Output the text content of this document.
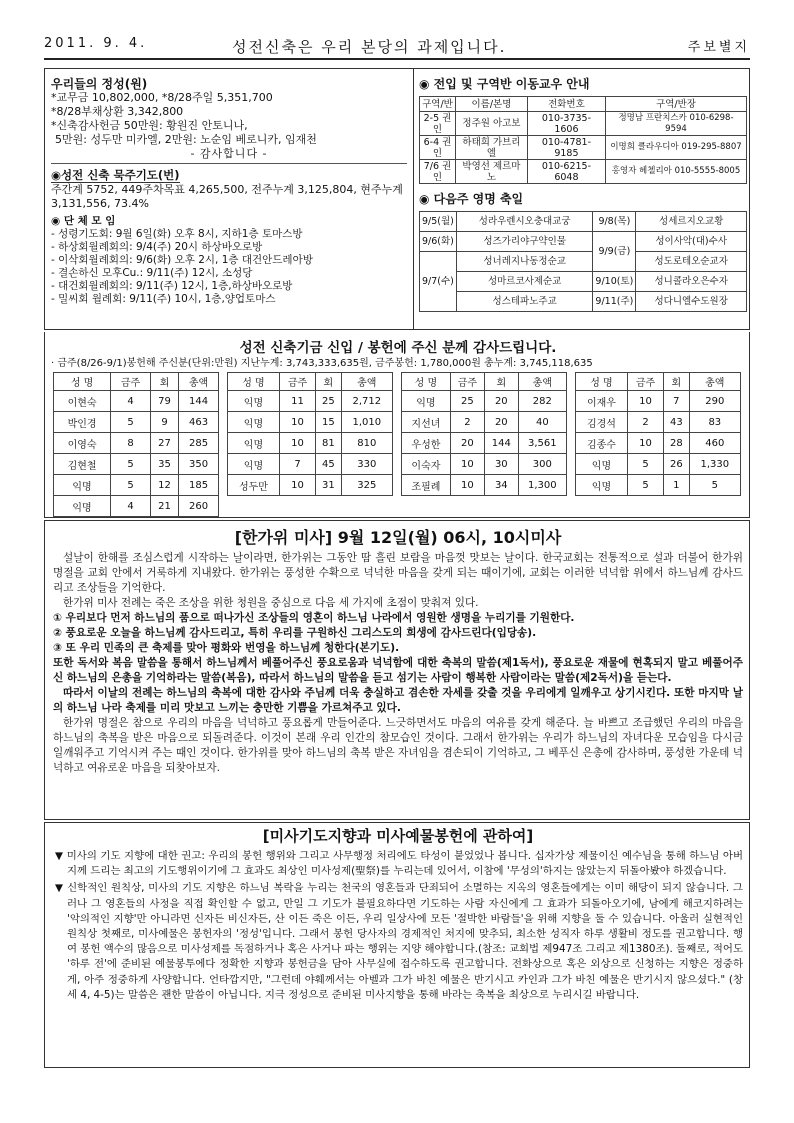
2011. 9. 4.	성전신축은 우리 본당의 과제입니다.	주보별지
우리들의 정성(원)
*교무금 10,802,000, *8/28주일 5,351,700
*8/28부채상환 3,342,800
*신축감사헌금 50만원: 황원진 안토니나,
5만원: 성두만 미카엘, 2만원: 노순임 베로니카, 임재천
- 감사합니다 -
◉성전 신축 묵주기도(번)
주간계 5752, 449주차목표 4,265,500, 전주누계 3,125,804, 현주누계 3,131,556, 73.4%
◉ 단 체 모 임
- 성령기도회: 9월 6일(화) 오후 8시, 지하1층 토마스방
- 하상회월례회의: 9/4(주) 20시 하상바오로방
- 이삭회월례회의: 9/6(화) 오후 2시, 1층 대건안드레아방
- 결손하신 모후Cu.: 9/11(주) 12시, 소성당
- 대건회월례회의: 9/11(주) 12시, 1층,하상바오로방
- 밀씨회 월례회: 9/11(주) 10시, 1층,양업토마스
◉ 전입 및 구역반 이동교우 안내
구역/반	이름/본명	전화번호	구역/반장
2-5 권인	정주원 아고보	010-3735-1606	정명남 프란치스카 010-6298-9594
6-4 권인	하태희 가브리엘	010-4781-9185	이명희 클라우디아 019-295-8807
7/6 권인	박영선 제르마노	010-6215-6048	홍영자 헤첼리아 010-5555-8005
◉ 다음주 영명 축일
9/5(월)	성라우렌시오충대교궁	9/8(목)	성세르지오교황
9/6(화)	성즈가리야구약인물	9/9(금)	성이사악(대)수사
9/7(수)	성너레지나동정순교		성도로테오순교자
	성마르코사제순교	9/10(토)	성니콜라오은수자
	성스테파노주교	9/11(주)	성다니엘수도원장
성전 신축기금 신입 / 봉헌에 주신 분께 감사드립니다.
· 금주(8/26-9/1)봉헌해 주신분(단위:만원) 지난누계: 3,743,333,635원, 금주봉헌: 1,780,000원 총누계: 3,745,118,635
성 명	금주	회	총액
이현숙	4	79	144
박인경	5	9	463
이영숙	8	27	285
김현철	5	35	350
익명	5	12	185
익명	4	21	260
성 명	금주	회	총액
익명	11	25	2,712
익명	10	15	1,010
익명	10	81	810
익명	7	45	330
성두만	10	31	325
성 명	금주	회	총액
익명	25	20	282
지선녀	2	20	40
우성한	20	144	3,561
이숙자	10	30	300
조필례	10	34	1,300
성 명	금주	회	총액
이재우	10	7	290
김경석	2	43	83
김종수	10	28	460
익명	5	26	1,330
익명	5	1	5
[한가위 미사] 9월 12일(월) 06시, 10시미사

설날이 한해를 조심스럽게 시작하는 날이라면, 한가위는 그동안 땀 흘린 보람을 마음껏 맛보는 날이다. 한국교회는 전통적으로 설과 더불어 한가위 명절을 교회 안에서 거룩하게 지내왔다. 한가위는 풍성한 수확으로 넉넉한 마음을 갖게 되는 때이기에, 교회는 이러한 넉넉함 위에서 하느님께 감사드리고 조상들을 기억한다.

한가위 미사 전례는 죽은 조상을 위한 청원을 중심으로 다음 세 가지에 초점이 맞춰져 있다.

① 우리보다 먼저 하느님의 품으로 떠나가신 조상들의 영혼이 하느님 나라에서 영원한 생명을 누리기를 기원한다.

② 풍요로운 오늘을 하느님께 감사드리고, 특히 우리를 구원하신 그리스도의 희생에 감사드린다(입당송).

③ 또 우리 민족의 큰 축제를 맞아 평화와 번영을 하느님께 청한다(본기도).

또한 독서와 복음 말씀을 통해서 하느님께서 베풀어주신 풍요로움과 넉넉함에 대한 축복의 말씀(제1독서), 풍요로운 재물에 현혹되지 말고 베풀어주신 하느님의 은총을 기억하라는 말씀(복음), 따라서 하느님의 말씀을 듣고 섬기는 사람이 행복한 사람이라는 말씀(제2독서)을 듣는다.

따라서 이날의 전례는 하느님의 축복에 대한 감사와 주님께 더욱 충실하고 겸손한 자세를 갖출 것을 우리에게 일깨우고 상기시킨다. 또한 마지막 날의 하느님 나라 축제를 미리 맛보고 느끼는 충만한 기쁨을 가르쳐주고 있다.

한가위 명절은 참으로 우리의 마음을 넉넉하고 풍요롭게 만들어준다. 느긋하면서도 마음의 여유를 갖게 해준다. 늘 바쁘고 조급했던 우리의 마음을 하느님의 축복을 받은 마음으로 되돌려준다. 이것이 본래 우리 인간의 참모습인 것이다. 그래서 한가위는 우리가 하느님의 자녀다운 모습임을 다시금 일깨워주고 기억시켜 주는 때인 것이다. 한가위를 맞아 하느님의 축복 받은 자녀임을 겸손되이 기억하고, 그 베푸신 은총에 감사하며, 풍성한 가운데 넉넉하고 여유로운 마음을 되찾아보자.

[미사기도지향과 미사예물봉헌에 관하여]

▼ 미사의 기도 지향에 대한 권고: 우리의 봉헌 행위와 그리고 사무행정 처리에도 타성이 붙었었나 봅니다. 십자가상 제물이신 예수님을 통해 하느님 아버지께 드리는 최고의 기도행위이기에 그 효과도 최상인 미사성제(聖祭)를 누리는데 있어서, 이참에 '무성의'하지는 않았는지 뒤돌아봤야 하겠습니다.

▼ 신학적인 원칙상, 미사의 기도 지향은 하느님 복락을 누리는 천국의 영혼들과 단죄되어 소멸하는 지옥의 영혼들에게는 이미 해당이 되지 않습니다. 그러나 그 영혼들의 사정을 직접 확인할 수 없고, 만일 그 기도가 불필요하다면 기도하는 사람 자신에게 그 효과가 되돌아오기에, 남에게 해코지하려는 '악의적인 지향'만 아니라면 신자든 비신자든, 산 이든 죽은 이든, 우리 일상사에 모든 '절박한 바람들'을 위해 지향을 둘 수 있습니다. 아울러 실현적인 원칙상 첫째로, 미사예물은 봉헌자의 '정성'입니다. 그래서 봉헌 당사자의 경제적인 처지에 맞추되, 최소한 성직자 하루 생활비 정도를 권고합니다. 행여 봉헌 액수의 많음으로 미사성제를 독점하거나 혹은 사거나 파는 행위는 지양 해야합니다.(참조: 교회법 제947조 그리고 제1380조). 둘째로, 적어도 '하루 전'에 준비된 예물봉투에다 정확한 지향과 봉헌금을 담아 사무실에 접수하도록 권고합니다. 전화상으로 혹은 외상으로 신청하는 지향은 정중하게, 아주 정중하게 사양합니다. 언타깝지만, "그런데 야훼께서는 아벨과 그가 바친 예물은 반기시고 카인과 그가 바친 예물은 반기시지 않으셨다." (창세 4, 4-5)는 말씀은 괜한 말씀이 아닙니다. 지극 정성으로 준비된 미사지향을 통해 바라는 축복을 최상으로 누리시길 바랍니다.
